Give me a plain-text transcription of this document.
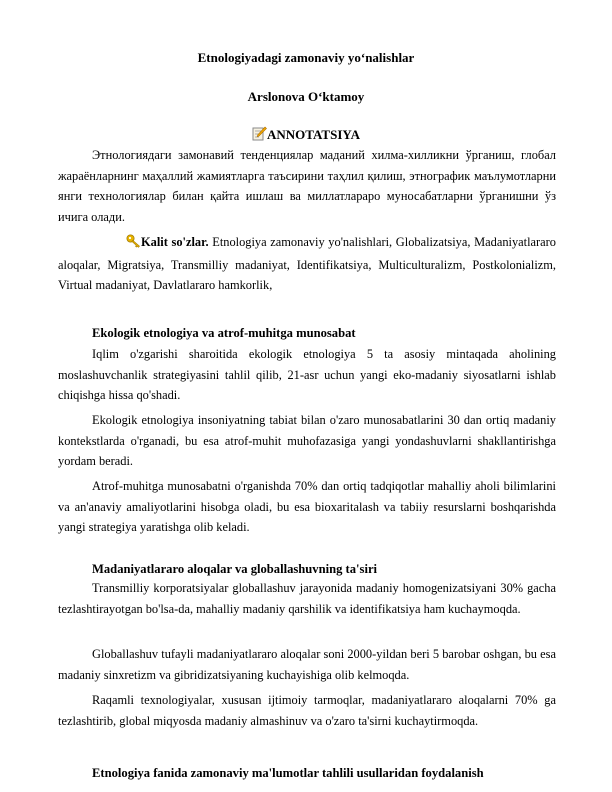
Etnologiyadagi zamonaviy yo‘nalishlar
Arslonova O‘ktamoy
ANNOTATSIYA

Этнологиядаги замонавий тенденциялар маданий хилма-хилликни ўрганиш, глобал жараёнларнинг маҳаллий жамиятларга таъсирини таҳлил қилиш, этнографик маълумотларни янги технологиялар билан қайта ишлаш ва миллатлараро муносабатларни ўрганишни ўз ичига олади.

Kalit so'zlar. Etnologiya zamonaviy yo'nalishlari, Globalizatsiya, Madaniyatlararo aloqalar, Migratsiya, Transmilliy madaniyat, Identifikatsiya, Multiculturalizm, Postkolonializm, Virtual madaniyat, Davlatlararo hamkorlik,

Ekologik etnologiya va atrof-muhitga munosabat

Iqlim o'zgarishi sharoitida ekologik etnologiya 5 ta asosiy mintaqada aholining moslashuvchanlik strategiyasini tahlil qilib, 21-asr uchun yangi eko-madaniy siyosatlarni ishlab chiqishga hissa qo'shadi.

Ekologik etnologiya insoniyatning tabiat bilan o'zaro munosabatlarini 30 dan ortiq madaniy kontekstlarda o'rganadi, bu esa atrof-muhit muhofazasiga yangi yondashuvlarni shakllantirishga yordam beradi.

Atrof-muhitga munosabatni o'rganishda 70% dan ortiq tadqiqotlar mahalliy aholi bilimlarini va an'anaviy amaliyotlarini hisobga oladi, bu esa bioxaritalash va tabiiy resurslarni boshqarishda yangi strategiya yaratishga olib keladi.

Madaniyatlararo aloqalar va globallashuvning ta'siri

Transmilliy korporatsiyalar globallashuv jarayonida madaniy homogenizatsiyani 30% gacha tezlashtirayotgan bo'lsa-da, mahalliy madaniy qarshilik va identifikatsiya ham kuchaymoqda.

Globallashuv tufayli madaniyatlararo aloqalar soni 2000-yildan beri 5 barobar oshgan, bu esa madaniy sinxretizm va gibridizatsiyaning kuchayishiga olib kelmoqda.

Raqamli texnologiyalar, xususan ijtimoiy tarmoqlar, madaniyatlararo aloqalarni 70% ga tezlashtirib, global miqyosda madaniy almashinuv va o'zaro ta'sirni kuchaytirmoqda.

Etnologiya fanida zamonaviy ma'lumotlar tahlili usullaridan foydalanish
